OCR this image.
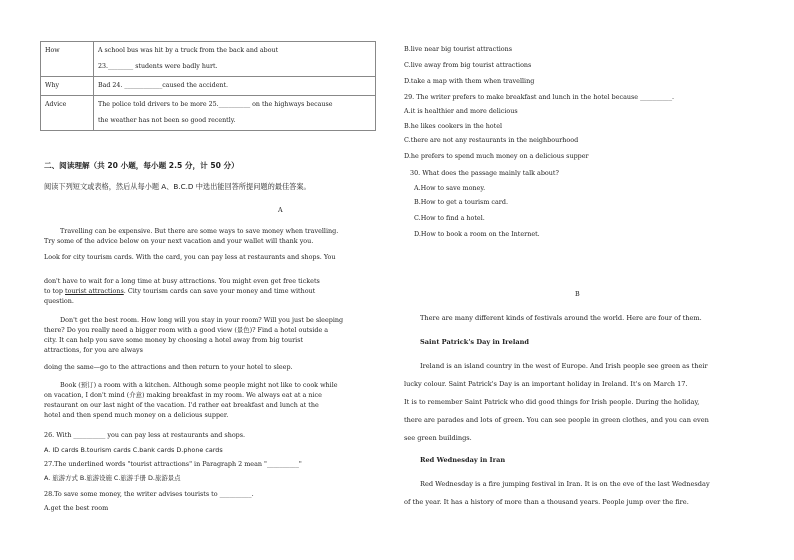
How	A school bus was hit by a truck from the back and about
23.________ students were badly hurt.

Why	Bad 24. ____________caused the accident.

Advice	The police told drivers to be more 25.__________ on the highways because
the weather has not been so good recently.
二、阅读理解（共 20 小题，每小题 2.5 分，计 50 分）
阅读下列短文或表格，然后从每小题 A、B.C.D 中选出能回答所提问题的最佳答案。
A
Travelling can be expensive. But there are some ways to save money when travelling.
Try some of the advice below on your next vacation and your wallet will thank you.
Look for city tourism cards. With the card, you can pay less at restaurants and shops. You
don't have to wait for a long time at busy attractions. You might even get free tickets
to top tourist attractions. City tourism cards can save your money and time without
question.
Don't get the best room. How long will you stay in your room? Will you just be sleeping
there? Do you really need a bigger room with a good view (景色)? Find a hotel outside a
city. It can help you save some money by choosing a hotel away from big tourist
attractions, for you are always
doing the same—go to the attractions and then return to your hotel to sleep.
Book (预订) a room with a kitchen. Although some people might not like to cook while
on vacation, I don't mind (介意) making breakfast in my room. We always eat at a nice
restaurant on our last night of the vacation. I'd rather eat breakfast and lunch at the
hotel and then spend much money on a delicious supper.
26. With __________ you can pay less at restaurants and shops.
A. ID cards B.tourism cards C.bank cards D.phone cards
27.The underlined words "tourist attractions" in Paragraph 2 mean "__________"
A. 旅游方式 B.旅游设施 C.旅游手册 D.旅游景点
28.To save some money, the writer advises tourists to __________.
A.get the best room
B.live near big tourist attractions
C.live away from big tourist attractions
D.take a map with them when travelling
29. The writer prefers to make breakfast and lunch in the hotel because __________.
A.it is healthier and more delicious
B.he likes cookers in the hotel
C.there are not any restaurants in the neighbourhood
D.he prefers to spend much money on a delicious supper
30. What does the passage mainly talk about?
A.How to save money.
B.How to get a tourism card.
C.How to find a hotel.
D.How to book a room on the Internet.
B
There are many different kinds of festivals around the world. Here are four of them.
Saint Patrick's Day in Ireland
Ireland is an island country in the west of Europe. And Irish people see green as their
lucky colour. Saint Patrick's Day is an important holiday in Ireland. It's on March 17.
It is to remember Saint Patrick who did good things for Irish people. During the holiday,
there are parades and lots of green. You can see people in green clothes, and you can even
see green buildings.
Red Wednesday in Iran
Red Wednesday is a fire jumping festival in Iran. It is on the eve of the last Wednesday
of the year. It has a history of more than a thousand years. People jump over the fire.
